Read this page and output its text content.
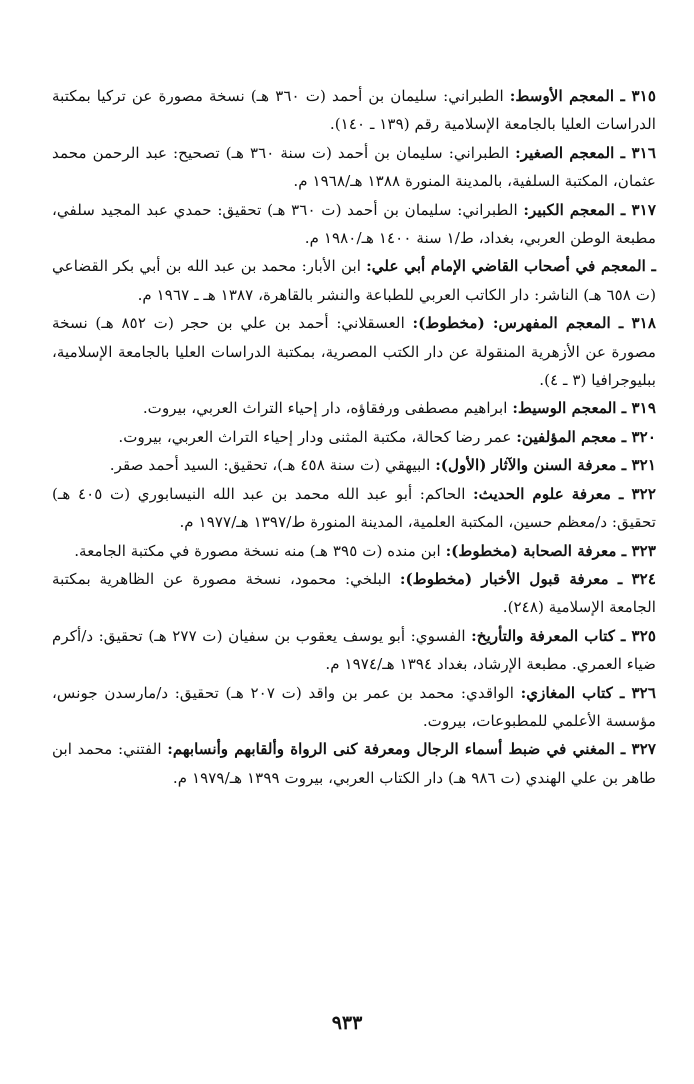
٣١٥ ـ المعجم الأوسط: الطبراني: سليمان بن أحمد (ت ٣٦٠ هـ) نسخة مصورة عن تركيا بمكتبة الدراسات العليا بالجامعة الإسلامية رقم (١٣٩ ـ ١٤٠).

٣١٦ ـ المعجم الصغير: الطبراني: سليمان بن أحمد (ت سنة ٣٦٠ هـ) تصحيح: عبد الرحمن محمد عثمان، المكتبة السلفية، بالمدينة المنورة ١٣٨٨ هـ/١٩٦٨ م.

٣١٧ ـ المعجم الكبير: الطبراني: سليمان بن أحمد (ت ٣٦٠ هـ) تحقيق: حمدي عبد المجيد سلفي، مطبعة الوطن العربي، بغداد، ط/١ سنة ١٤٠٠ هـ/١٩٨٠ م.

ـ المعجم في أصحاب القاضي الإمام أبي علي: ابن الأبار: محمد بن عبد الله بن أبي بكر القضاعي (ت ٦٥٨ هـ) الناشر: دار الكاتب العربي للطباعة والنشر بالقاهرة، ١٣٨٧ هـ ـ ١٩٦٧ م.

٣١٨ ـ المعجم المفهرس: (مخطوط): العسقلاني: أحمد بن علي بن حجر (ت ٨٥٢ هـ) نسخة مصورة عن الأزهرية المنقولة عن دار الكتب المصرية، بمكتبة الدراسات العليا بالجامعة الإسلامية، ببليوجرافيا (٣ ـ ٤).

٣١٩ ـ المعجم الوسيط: ابراهيم مصطفى ورفقاؤه، دار إحياء التراث العربي، بيروت.

٣٢٠ ـ معجم المؤلفين: عمر رضا كحالة، مكتبة المثنى ودار إحياء التراث العربي، بيروت.

٣٢١ ـ معرفة السنن والآثار (الأول): البيهقي (ت سنة ٤٥٨ هـ)، تحقيق: السيد أحمد صقر.

٣٢٢ ـ معرفة علوم الحديث: الحاكم: أبو عبد الله محمد بن عبد الله النيسابوري (ت ٤٠٥ هـ) تحقيق: د/معظم حسين، المكتبة العلمية، المدينة المنورة ط/١٣٩٧ هـ/١٩٧٧ م.

٣٢٣ ـ معرفة الصحابة (مخطوط): ابن منده (ت ٣٩٥ هـ) منه نسخة مصورة في مكتبة الجامعة.

٣٢٤ ـ معرفة قبول الأخبار (مخطوط): البلخي: محمود، نسخة مصورة عن الظاهرية بمكتبة الجامعة الإسلامية (٢٤٨).

٣٢٥ ـ كتاب المعرفة والتأريخ: الفسوي: أبو يوسف يعقوب بن سفيان (ت ٢٧٧ هـ) تحقيق: د/أكرم ضياء العمري. مطبعة الإرشاد، بغداد ١٣٩٤ هـ/١٩٧٤ م.

٣٢٦ ـ كتاب المغازي: الواقدي: محمد بن عمر بن واقد (ت ٢٠٧ هـ) تحقيق: د/مارسدن جونس، مؤسسة الأعلمي للمطبوعات، بيروت.

٣٢٧ ـ المغني في ضبط أسماء الرجال ومعرفة كنى الرواة وألقابهم وأنسابهم: الفتني: محمد ابن طاهر بن علي الهندي (ت ٩٨٦ هـ) دار الكتاب العربي، بيروت ١٣٩٩ هـ/١٩٧٩ م.

٩٣٣
